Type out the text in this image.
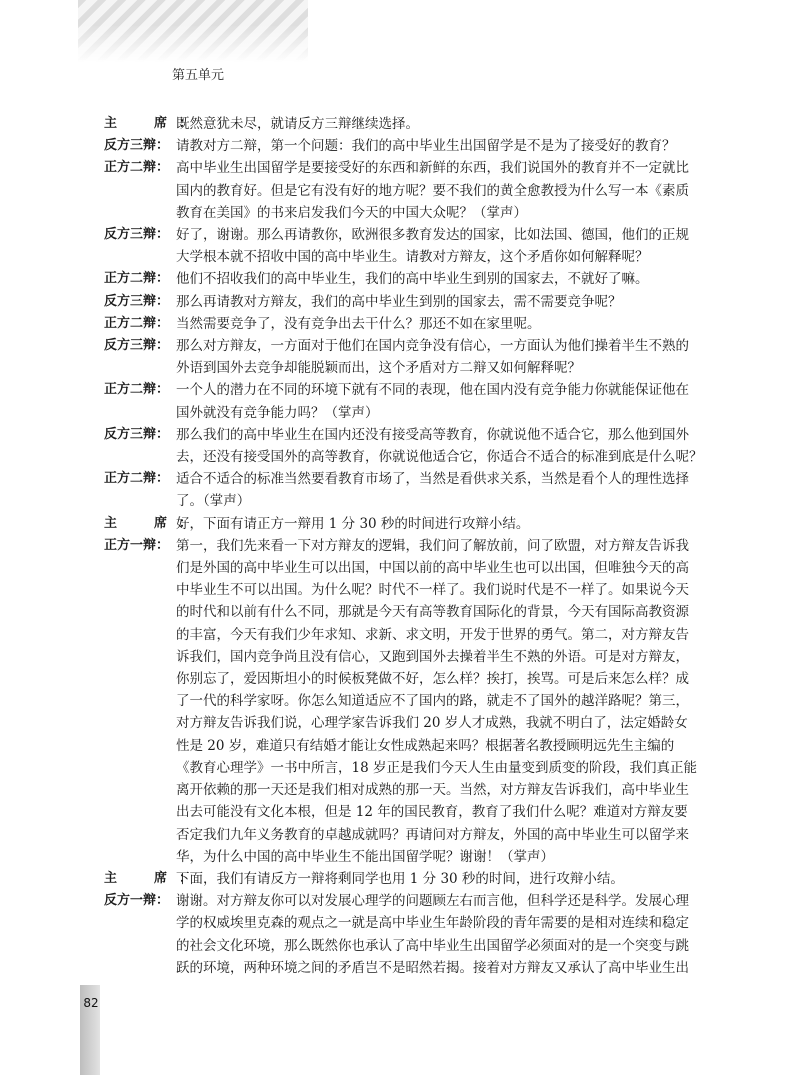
第五单元
主　席：
既然意犹未尽，就请反方三辩继续选择。
反方三辩： 请教对方二辩，第一个问题：我们的高中毕业生出国留学是不是为了接受好的教育？
正方二辩： 高中毕业生出国留学是要接受好的东西和新鲜的东西，我们说国外的教育并不一定就比
国内的教育好。但是它有没有好的地方呢？要不我们的黄全愈教授为什么写一本《素质
教育在美国》的书来启发我们今天的中国大众呢？（掌声）
反方三辩： 好了，谢谢。那么再请教你，欧洲很多教育发达的国家，比如法国、德国，他们的正规
大学根本就不招收中国的高中毕业生。请教对方辩友，这个矛盾你如何解释呢？
正方二辩： 他们不招收我们的高中毕业生，我们的高中毕业生到别的国家去，不就好了嘛。
反方三辩： 那么再请教对方辩友，我们的高中毕业生到别的国家去，需不需要竞争呢？
正方二辩： 当然需要竞争了，没有竞争出去干什么？那还不如在家里呢。
反方三辩： 那么对方辩友，一方面对于他们在国内竞争没有信心，一方面认为他们操着半生不熟的
外语到国外去竞争却能脱颖而出，这个矛盾对方二辩又如何解释呢？
正方二辩： 一个人的潜力在不同的环境下就有不同的表现，他在国内没有竞争能力你就能保证他在
国外就没有竞争能力吗？（掌声）
反方三辩： 那么我们的高中毕业生在国内还没有接受高等教育，你就说他不适合它，那么他到国外
去，还没有接受国外的高等教育，你就说他适合它，你适合不适合的标准到底是什么呢？
正方二辩： 适合不适合的标准当然要看教育市场了，当然是看供求关系，当然是看个人的理性选择
了。（掌声）
主　席：
好，下面有请正方一辩用 1 分 30 秒的时间进行攻辩小结。
正方一辩： 第一，我们先来看一下对方辩友的逻辑，我们问了解放前，问了欧盟，对方辩友告诉我
们是外国的高中毕业生可以出国，中国以前的高中毕业生也可以出国，但唯独今天的高
中毕业生不可以出国。为什么呢？时代不一样了。我们说时代是不一样了。如果说今天
的时代和以前有什么不同，那就是今天有高等教育国际化的背景，今天有国际高教资源
的丰富，今天有我们少年求知、求新、求文明，开发于世界的勇气。第二，对方辩友告
诉我们，国内竞争尚且没有信心，又跑到国外去操着半生不熟的外语。可是对方辩友，
你别忘了，爱因斯坦小的时候板凳做不好，怎么样？挨打，挨骂。可是后来怎么样？成
了一代的科学家呀。你怎么知道适应不了国内的路，就走不了国外的越洋路呢？第三，
对方辩友告诉我们说，心理学家告诉我们 20 岁人才成熟，我就不明白了，法定婚龄女
性是 20 岁，难道只有结婚才能让女性成熟起来吗？根据著名教授顾明远先生主编的
《教育心理学》一书中所言，18 岁正是我们今天人生由量变到质变的阶段，我们真正能
离开依赖的那一天还是我们相对成熟的那一天。当然，对方辩友告诉我们，高中毕业生
出去可能没有文化本根，但是 12 年的国民教育，教育了我们什么呢？难道对方辩友要
否定我们九年义务教育的卓越成就吗？再请问对方辩友，外国的高中毕业生可以留学来
华，为什么中国的高中毕业生不能出国留学呢？谢谢！（掌声）
主　席：
下面，我们有请反方一辩将剩同学也用 1 分 30 秒的时间，进行攻辩小结。
反方一辩： 谢谢。对方辩友你可以对发展心理学的问题顾左右而言他，但科学还是科学。发展心理
学的权威埃里克森的观点之一就是高中毕业生年龄阶段的青年需要的是相对连续和稳定
的社会文化环境，那么既然你也承认了高中毕业生出国留学必须面对的是一个突变与跳
跃的环境，两种环境之间的矛盾岂不是昭然若揭。接着对方辩友又承认了高中毕业生出
82
